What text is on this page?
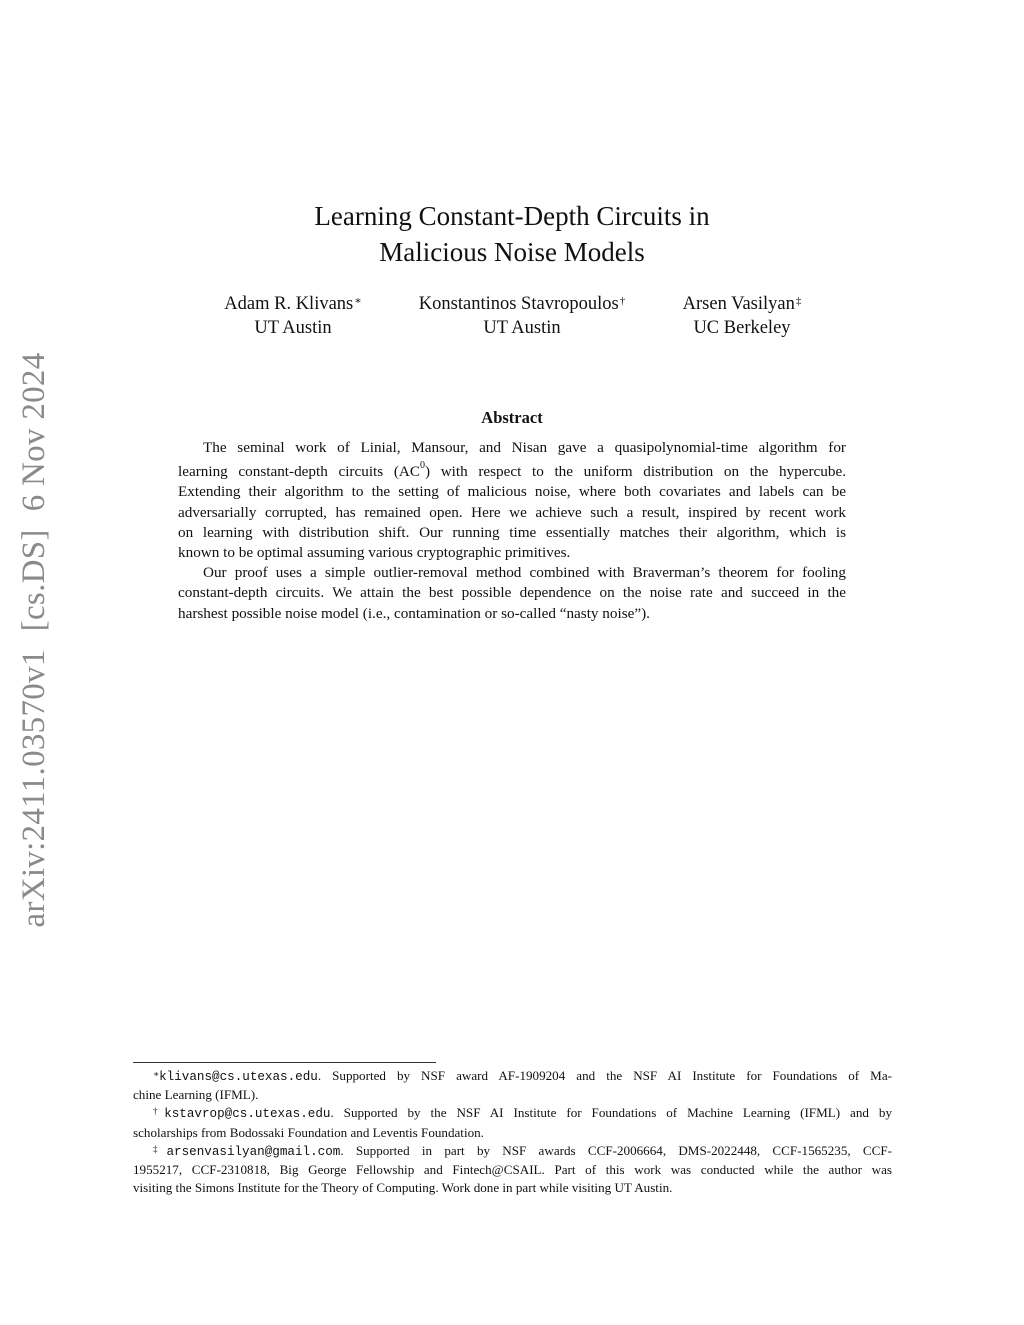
arXiv:2411.03570v1[cs.DS]6 Nov 2024
Learning Constant-Depth Circuits in
Malicious Noise Models
Adam R. Klivans∗
UT Austin
Konstantinos Stavropoulos†
UT Austin
Arsen Vasilyan‡
UC Berkeley
Abstract
The seminal work of Linial, Mansour, and Nisan gave a quasipolynomial-time algorithm for
learning constant-depth circuits $(AC^0)$ with respect to the uniform distribution on the hypercube.
Extending their algorithm to the setting of malicious noise, where both covariates and labels can be
adversarially corrupted, has remained open. Here we achieve such a result, inspired by recent work
on learning with distribution shift. Our running time essentially matches their algorithm, which is
known to be optimal assuming various cryptographic primitives.
Our proof uses a simple outlier-removal method combined with Braverman’s theorem for fooling
constant-depth circuits. We attain the best possible dependence on the noise rate and succeed in the
harshest possible noise model (i.e., contamination or so-called “nasty noise”).
∗klivans@cs.utexas.edu. Supported by NSF award AF-1909204 and the NSF AI Institute for Foundations of Ma-
chine Learning (IFML).
†kstavrop@cs.utexas.edu. Supported by the NSF AI Institute for Foundations of Machine Learning (IFML) and by
scholarships from Bodossaki Foundation and Leventis Foundation.
‡arsenvasilyan@gmail.com. Supported in part by NSF awards CCF-2006664, DMS-2022448, CCF-1565235, CCF-
1955217, CCF-2310818, Big George Fellowship and Fintech@CSAIL. Part of this work was conducted while the author was
visiting the Simons Institute for the Theory of Computing. Work done in part while visiting UT Austin.
